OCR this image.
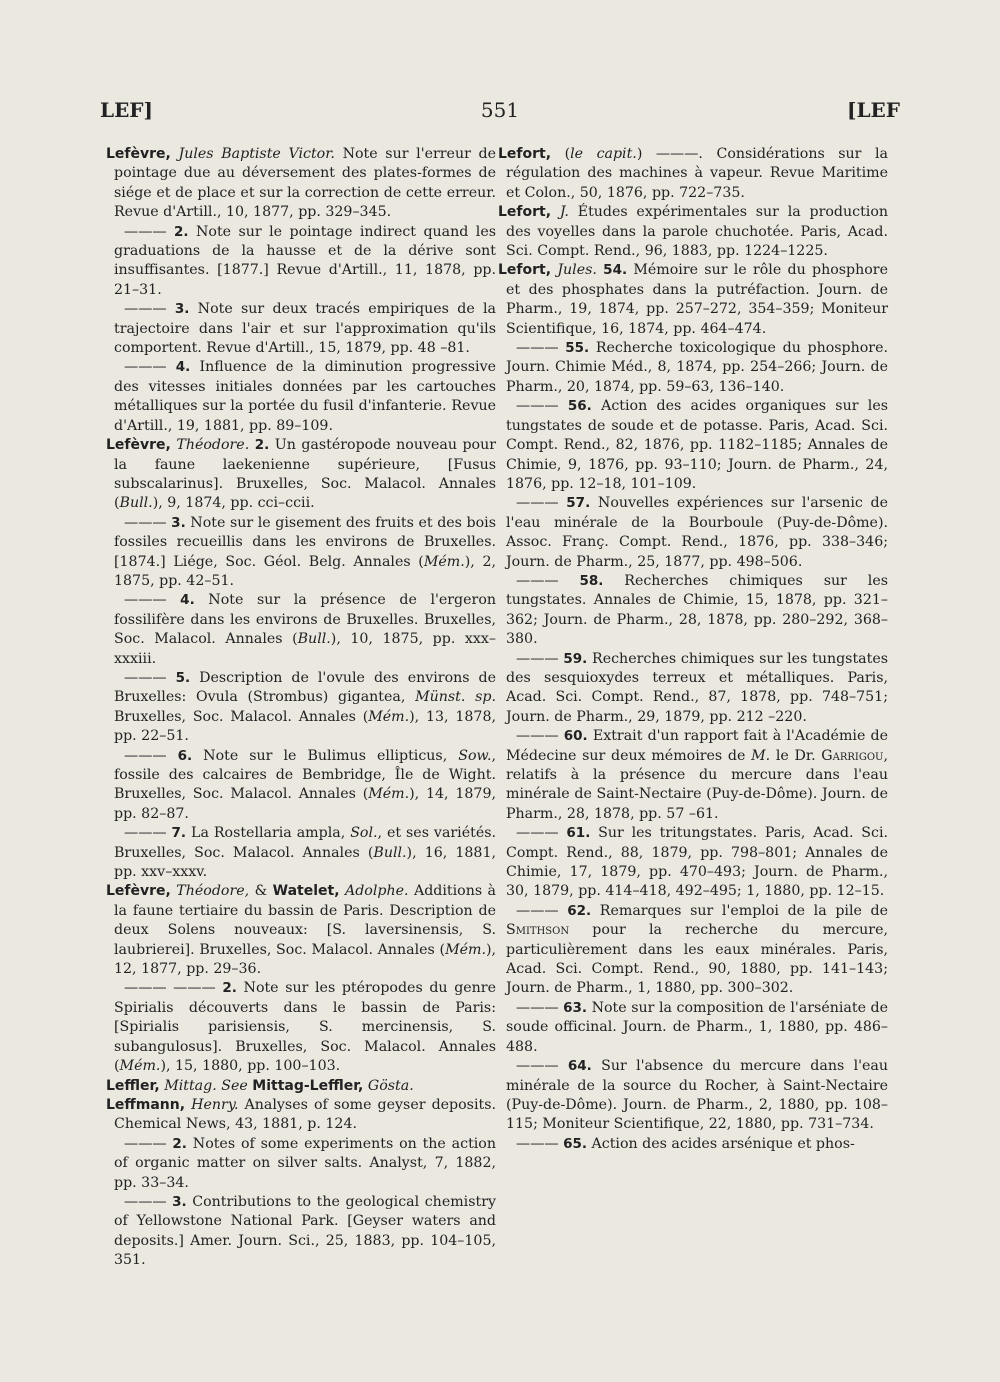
LEF]	551	[LEF

Lefèvre, Jules Baptiste Victor. Note sur l'erreur de pointage due au déversement des plates-formes de siége et de place et sur la correction de cette erreur. Revue d'Artill., 10, 1877, pp. 329–345.

——— 2. Note sur le pointage indirect quand les graduations de la hausse et de la dérive sont insuffisantes. [1877.] Revue d'Artill., 11, 1878, pp. 21–31.

——— 3. Note sur deux tracés empiriques de la trajectoire dans l'air et sur l'approximation qu'ils comportent. Revue d'Artill., 15, 1879, pp. 48 –81.

——— 4. Influence de la diminution progressive des vitesses initiales données par les cartouches métalliques sur la portée du fusil d'infanterie. Revue d'Artill., 19, 1881, pp. 89–109.

Lefèvre, Théodore. 2. Un gastéropode nouveau pour la faune laekenienne supérieure, [Fusus subscalarinus]. Bruxelles, Soc. Malacol. Annales (Bull.), 9, 1874, pp. cci–ccii.

——— 3. Note sur le gisement des fruits et des bois fossiles recueillis dans les environs de Bruxelles. [1874.] Liége, Soc. Géol. Belg. Annales (Mém.), 2, 1875, pp. 42–51.

——— 4. Note sur la présence de l'ergeron fossilifère dans les environs de Bruxelles. Bruxelles, Soc. Malacol. Annales (Bull.), 10, 1875, pp. xxx–xxxiii.

——— 5. Description de l'ovule des environs de Bruxelles: Ovula (Strombus) gigantea, Münst. sp. Bruxelles, Soc. Malacol. Annales (Mém.), 13, 1878, pp. 22–51.

——— 6. Note sur le Bulimus ellipticus, Sow., fossile des calcaires de Bembridge, Île de Wight. Bruxelles, Soc. Malacol. Annales (Mém.), 14, 1879, pp. 82–87.

——— 7. La Rostellaria ampla, Sol., et ses variétés. Bruxelles, Soc. Malacol. Annales (Bull.), 16, 1881, pp. xxv–xxxv.

Lefèvre, Théodore, & Watelet, Adolphe. Additions à la faune tertiaire du bassin de Paris. Description de deux Solens nouveaux: [S. laversinensis, S. laubrierei]. Bruxelles, Soc. Malacol. Annales (Mém.), 12, 1877, pp. 29–36.

——— ——— 2. Note sur les ptéropodes du genre Spirialis découverts dans le bassin de Paris: [Spirialis parisiensis, S. mercinensis, S. subangulosus]. Bruxelles, Soc. Malacol. Annales (Mém.), 15, 1880, pp. 100–103.

Leffler, Mittag. See Mittag-Leffler, Gösta.

Leffmann, Henry. Analyses of some geyser deposits. Chemical News, 43, 1881, p. 124.

——— 2. Notes of some experiments on the action of organic matter on silver salts. Analyst, 7, 1882, pp. 33–34.

——— 3. Contributions to the geological chemistry of Yellowstone National Park. [Geyser waters and deposits.] Amer. Journ. Sci., 25, 1883, pp. 104–105, 351.

Lefort, (le capit.) ———. Considérations sur la régulation des machines à vapeur. Revue Maritime et Colon., 50, 1876, pp. 722–735.

Lefort, J. Études expérimentales sur la production des voyelles dans la parole chuchotée. Paris, Acad. Sci. Compt. Rend., 96, 1883, pp. 1224–1225.

Lefort, Jules. 54. Mémoire sur le rôle du phosphore et des phosphates dans la putréfaction. Journ. de Pharm., 19, 1874, pp. 257–272, 354–359; Moniteur Scientifique, 16, 1874, pp. 464–474.

——— 55. Recherche toxicologique du phosphore. Journ. Chimie Méd., 8, 1874, pp. 254–266; Journ. de Pharm., 20, 1874, pp. 59–63, 136–140.

——— 56. Action des acides organiques sur les tungstates de soude et de potasse. Paris, Acad. Sci. Compt. Rend., 82, 1876, pp. 1182–1185; Annales de Chimie, 9, 1876, pp. 93–110; Journ. de Pharm., 24, 1876, pp. 12–18, 101–109.

——— 57. Nouvelles expériences sur l'arsenic de l'eau minérale de la Bourboule (Puy-de-Dôme). Assoc. Franç. Compt. Rend., 1876, pp. 338–346; Journ. de Pharm., 25, 1877, pp. 498–506.

——— 58. Recherches chimiques sur les tungstates. Annales de Chimie, 15, 1878, pp. 321–362; Journ. de Pharm., 28, 1878, pp. 280–292, 368–380.

——— 59. Recherches chimiques sur les tungstates des sesquioxydes terreux et métalliques. Paris, Acad. Sci. Compt. Rend., 87, 1878, pp. 748–751; Journ. de Pharm., 29, 1879, pp. 212 –220.

——— 60. Extrait d'un rapport fait à l'Académie de Médecine sur deux mémoires de M. le Dr. Garrigou, relatifs à la présence du mercure dans l'eau minérale de Saint-Nectaire (Puy-de-Dôme). Journ. de Pharm., 28, 1878, pp. 57 –61.

——— 61. Sur les tritungstates. Paris, Acad. Sci. Compt. Rend., 88, 1879, pp. 798–801; Annales de Chimie, 17, 1879, pp. 470–493; Journ. de Pharm., 30, 1879, pp. 414–418, 492–495; 1, 1880, pp. 12–15.

——— 62. Remarques sur l'emploi de la pile de Smithson pour la recherche du mercure, particulièrement dans les eaux minérales. Paris, Acad. Sci. Compt. Rend., 90, 1880, pp. 141–143; Journ. de Pharm., 1, 1880, pp. 300–302.

——— 63. Note sur la composition de l'arséniate de soude officinal. Journ. de Pharm., 1, 1880, pp. 486–488.

——— 64. Sur l'absence du mercure dans l'eau minérale de la source du Rocher, à Saint-Nectaire (Puy-de-Dôme). Journ. de Pharm., 2, 1880, pp. 108–115; Moniteur Scientifique, 22, 1880, pp. 731–734.

——— 65. Action des acides arsénique et phos-
